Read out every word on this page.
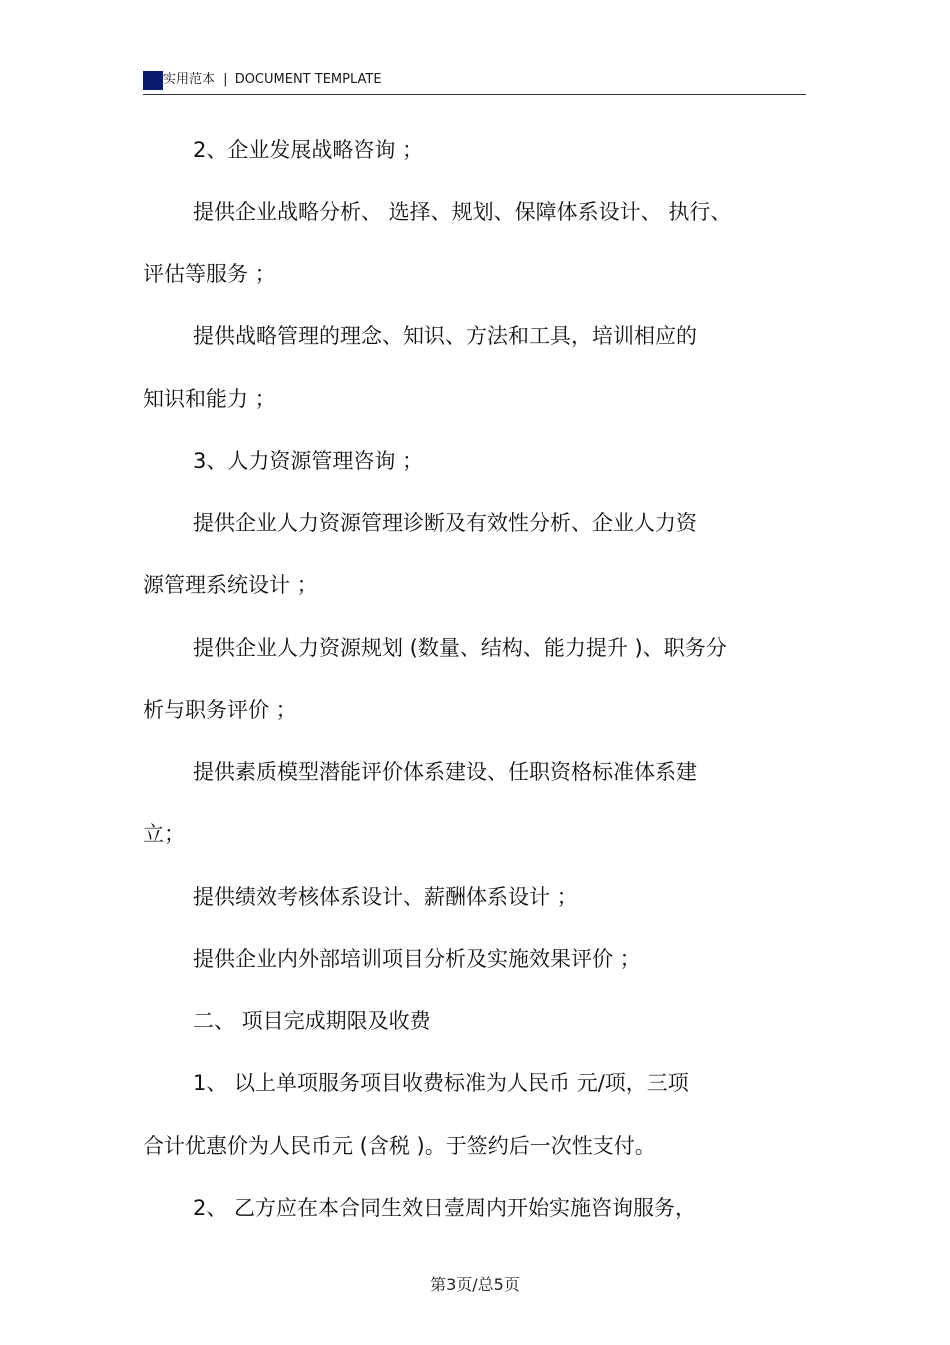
实用范本 | DOCUMENT TEMPLATE
2、企业发展战略咨询 ；
提供企业战略分析、 选择、规划、保障体系设计、 执行、
评估等服务 ；
提供战略管理的理念、知识、方法和工具，培训相应的
知识和能力 ；
3、人力资源管理咨询 ；
提供企业人力资源管理诊断及有效性分析、企业人力资
源管理系统设计 ；
提供企业人力资源规划 (数量、结构、能力提升 )、职务分
析与职务评价 ；
提供素质模型潜能评价体系建设、任职资格标准体系建
立；
提供绩效考核体系设计、薪酬体系设计 ；
提供企业内外部培训项目分析及实施效果评价 ；
二、 项目完成期限及收费
1、 以上单项服务项目收费标准为人民币 元/项，三项
合计优惠价为人民币元 (含税 )。于签约后一次性支付。
2、 乙方应在本合同生效日壹周内开始实施咨询服务，
第3页/总5页
